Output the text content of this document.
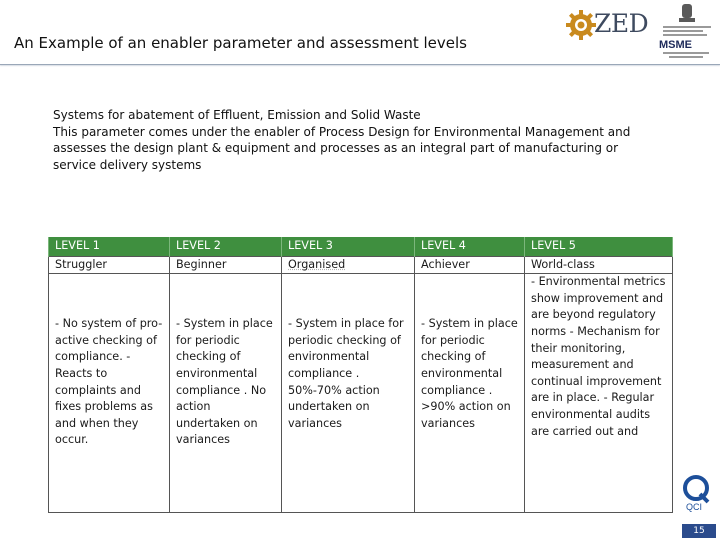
An Example of an enabler parameter and assessment levels
ZED
MSME

Systems for abatement of Effluent, Emission and Solid Waste

This parameter comes under the enabler of Process Design for Environmental Management and assesses the design plant & equipment and processes as an integral part of manufacturing or service delivery systems

LEVEL 1	LEVEL 2	LEVEL 3	LEVEL 4	LEVEL 5
Struggler	Beginner	Organised	Achiever	World-class
- No system of pro-active checking of compliance. - Reacts to complaints and fixes problems as and when they occur.	- System in place for periodic checking of environmental compliance . No action undertaken on variances	- System in place for periodic checking of environmental compliance . 50%-70% action undertaken on variances	- System in place for periodic checking of environmental compliance . >90% action on variances	- Environmental metrics show improvement and are beyond regulatory norms - Mechanism for their monitoring, measurement and continual improvement are in place. - Regular environmental audits are carried out and
QCI
15
